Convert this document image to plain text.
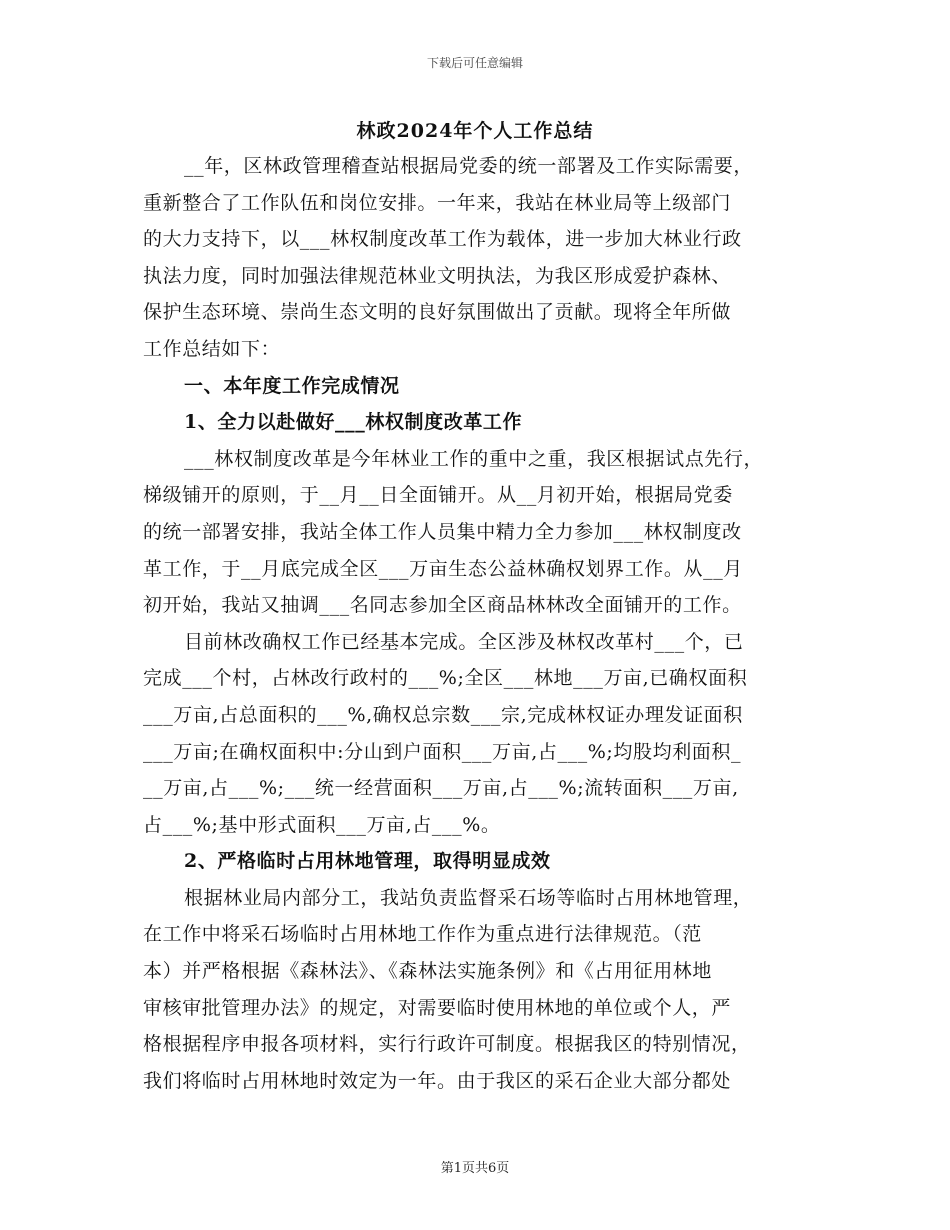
下载后可任意编辑
林政2024年个人工作总结
__年，区林政管理稽查站根据局党委的统一部署及工作实际需要，
重新整合了工作队伍和岗位安排。一年来，我站在林业局等上级部门
的大力支持下，以___林权制度改革工作为载体，进一步加大林业行政
执法力度，同时加强法律规范林业文明执法，为我区形成爱护森林、
保护生态环境、崇尚生态文明的良好氛围做出了贡献。现将全年所做
工作总结如下：
一、本年度工作完成情况
1、全力以赴做好___林权制度改革工作
___林权制度改革是今年林业工作的重中之重，我区根据试点先行，
梯级铺开的原则，于__月__日全面铺开。从__月初开始，根据局党委
的统一部署安排，我站全体工作人员集中精力全力参加___林权制度改
革工作，于__月底完成全区___万亩生态公益林确权划界工作。从__月
初开始，我站又抽调___名同志参加全区商品林林改全面铺开的工作。
目前林改确权工作已经基本完成。全区涉及林权改革村___个，已
完成___个村，占林改行政村的___%;全区___林地___万亩,已确权面积
___万亩,占总面积的___%,确权总宗数___宗,完成林权证办理发证面积
___万亩;在确权面积中:分山到户面积___万亩,占___%;均股均利面积_
__万亩,占___%;___统一经营面积___万亩,占___%;流转面积___万亩,
占___%;基中形式面积___万亩,占___%。
2、严格临时占用林地管理，取得明显成效
根据林业局内部分工，我站负责监督采石场等临时占用林地管理，
在工作中将采石场临时占用林地工作作为重点进行法律规范。（范
本）并严格根据《森林法》、《森林法实施条例》和《占用征用林地
审核审批管理办法》的规定，对需要临时使用林地的单位或个人，严
格根据程序申报各项材料，实行行政许可制度。根据我区的特别情况，
我们将临时占用林地时效定为一年。由于我区的采石企业大部分都处
第1页共6页
